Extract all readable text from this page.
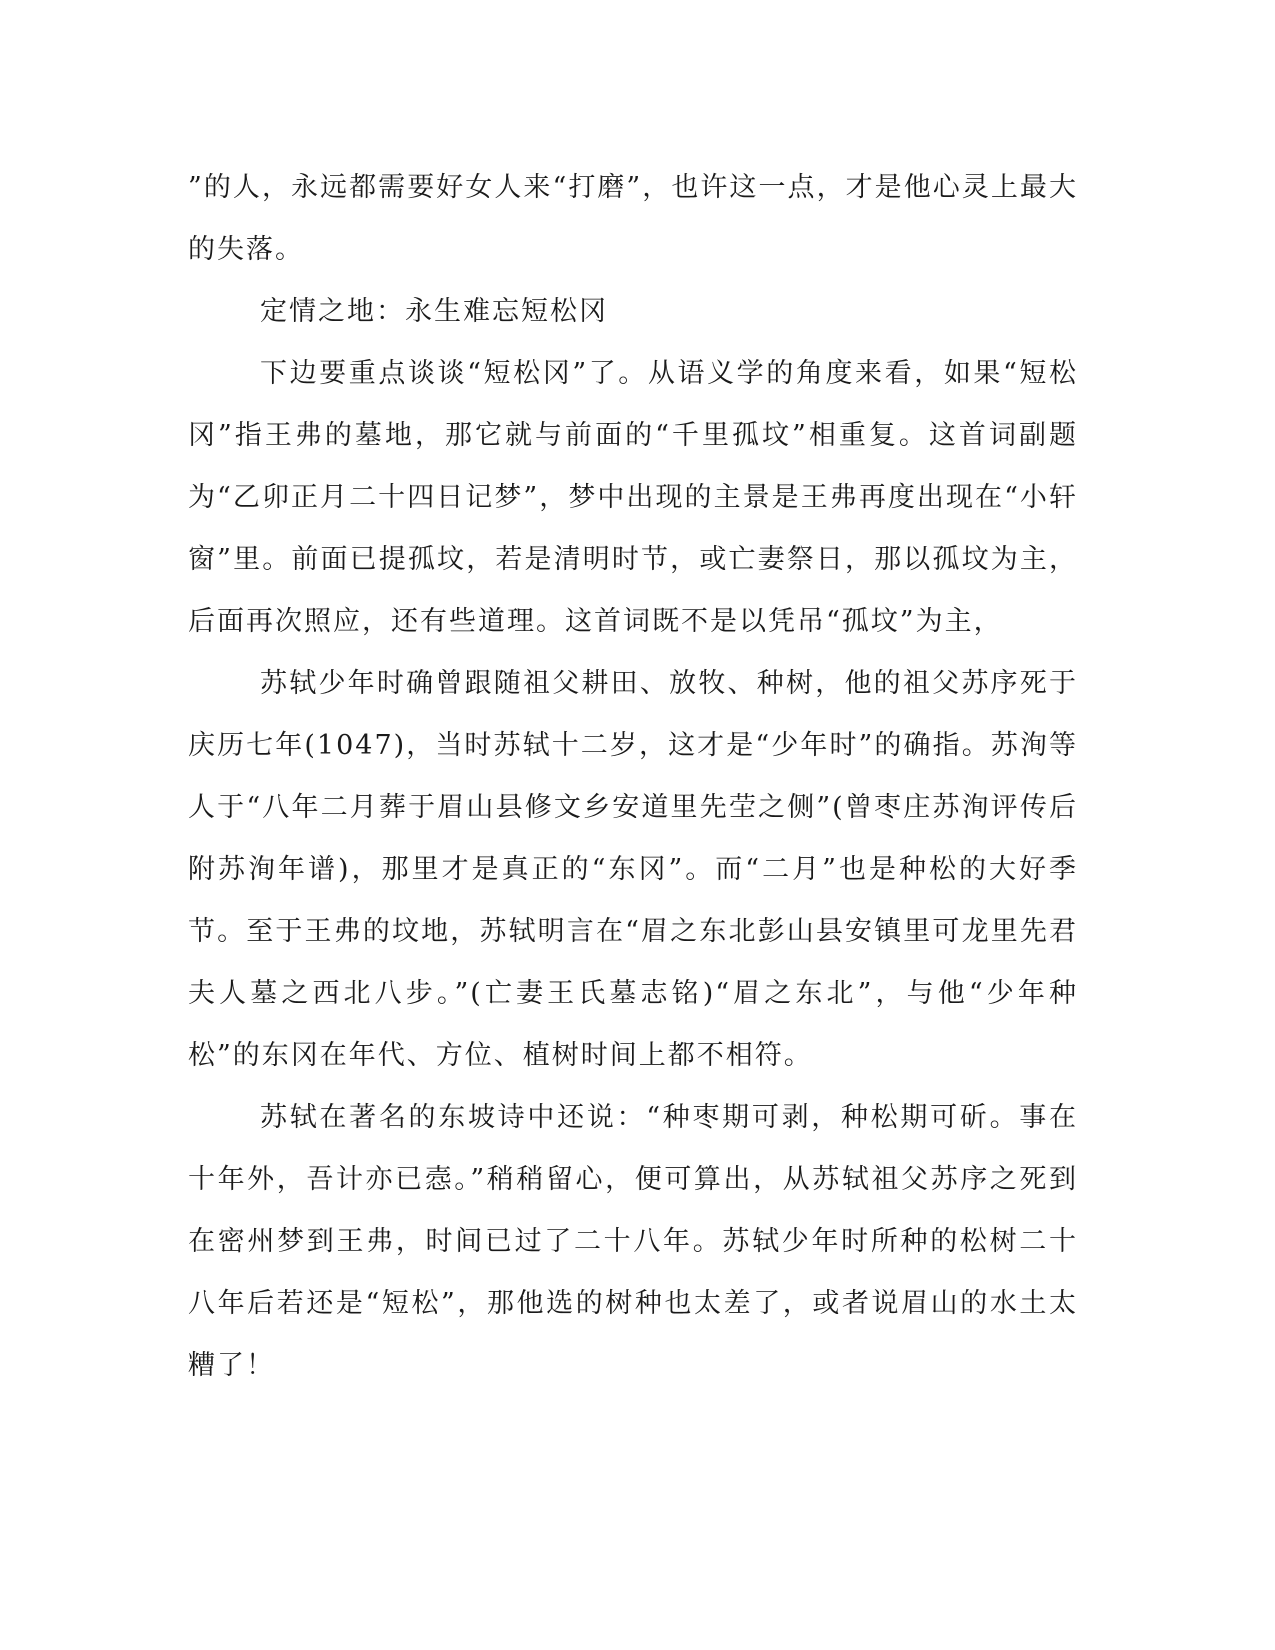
”的人，永远都需要好女人来“打磨”，也许这一点，才是他心灵上最大的失落。

定情之地：永生难忘短松冈

下边要重点谈谈“短松冈”了。从语义学的角度来看，如果“短松冈”指王弗的墓地，那它就与前面的“千里孤坟”相重复。这首词副题为“乙卯正月二十四日记梦”，梦中出现的主景是王弗再度出现在“小轩窗”里。前面已提孤坟，若是清明时节，或亡妻祭日，那以孤坟为主，后面再次照应，还有些道理。这首词既不是以凭吊“孤坟”为主，

苏轼少年时确曾跟随祖父耕田、放牧、种树，他的祖父苏序死于庆历七年(1047)，当时苏轼十二岁，这才是“少年时”的确指。苏洵等人于“八年二月葬于眉山县修文乡安道里先茔之侧”(曾枣庄苏洵评传后附苏洵年谱)，那里才是真正的“东冈”。而“二月”也是种松的大好季节。至于王弗的坟地，苏轼明言在“眉之东北彭山县安镇里可龙里先君夫人墓之西北八步。”(亡妻王氏墓志铭)“眉之东北”，与他“少年种松”的东冈在年代、方位、植树时间上都不相符。

苏轼在著名的东坡诗中还说：“种枣期可剥，种松期可斫。事在十年外，吾计亦已悫。”稍稍留心，便可算出，从苏轼祖父苏序之死到在密州梦到王弗，时间已过了二十八年。苏轼少年时所种的松树二十八年后若还是“短松”，那他选的树种也太差了，或者说眉山的水土太糟了！
